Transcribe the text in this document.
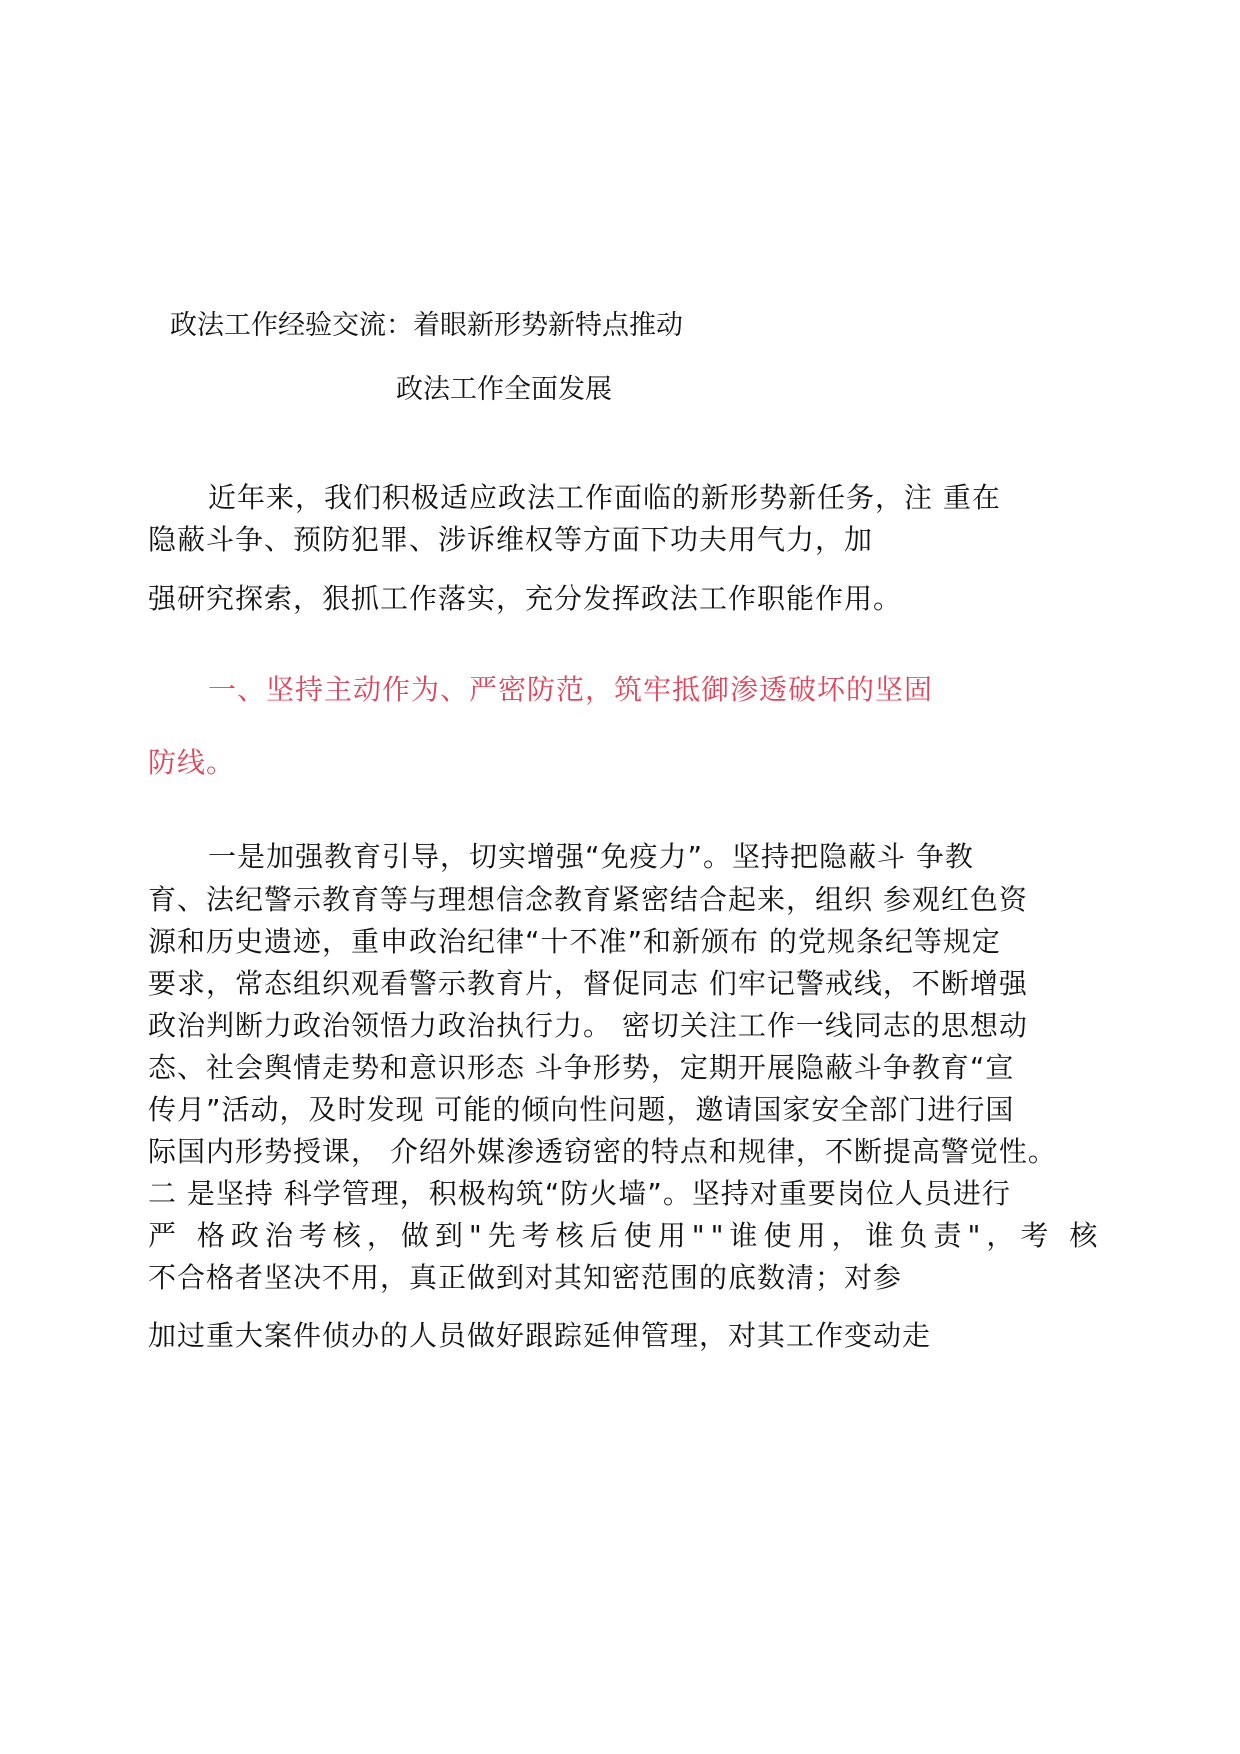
政法工作经验交流：着眼新形势新特点推动
政法工作全面发展
近年来，我们积极适应政法工作面临的新形势新任务，注 重在
隐蔽斗争、预防犯罪、涉诉维权等方面下功夫用气力，加
强研究探索，狠抓工作落实，充分发挥政法工作职能作用。
一、坚持主动作为、严密防范，筑牢抵御渗透破坏的坚固
防线。
一是加强教育引导，切实增强“免疫力”。坚持把隐蔽斗 争教
育、法纪警示教育等与理想信念教育紧密结合起来，组织 参观红色资
源和历史遗迹，重申政治纪律“十不准”和新颁布 的党规条纪等规定
要求，常态组织观看警示教育片，督促同志 们牢记警戒线，不断增强
政治判断力政治领悟力政治执行力。 密切关注工作一线同志的思想动
态、社会舆情走势和意识形态 斗争形势，定期开展隐蔽斗争教育“宣
传月”活动，及时发现 可能的倾向性问题，邀请国家安全部门进行国
际国内形势授课， 介绍外媒渗透窃密的特点和规律，不断提高警觉性。
二 是坚持 科学管理，积极构筑“防火墙”。坚持对重要岗位人员进行
严 格政治考核，做到"先考核后使用""谁使用，谁负责"，考 核
不合格者坚决不用，真正做到对其知密范围的底数清；对参
加过重大案件侦办的人员做好跟踪延伸管理，对其工作变动走
